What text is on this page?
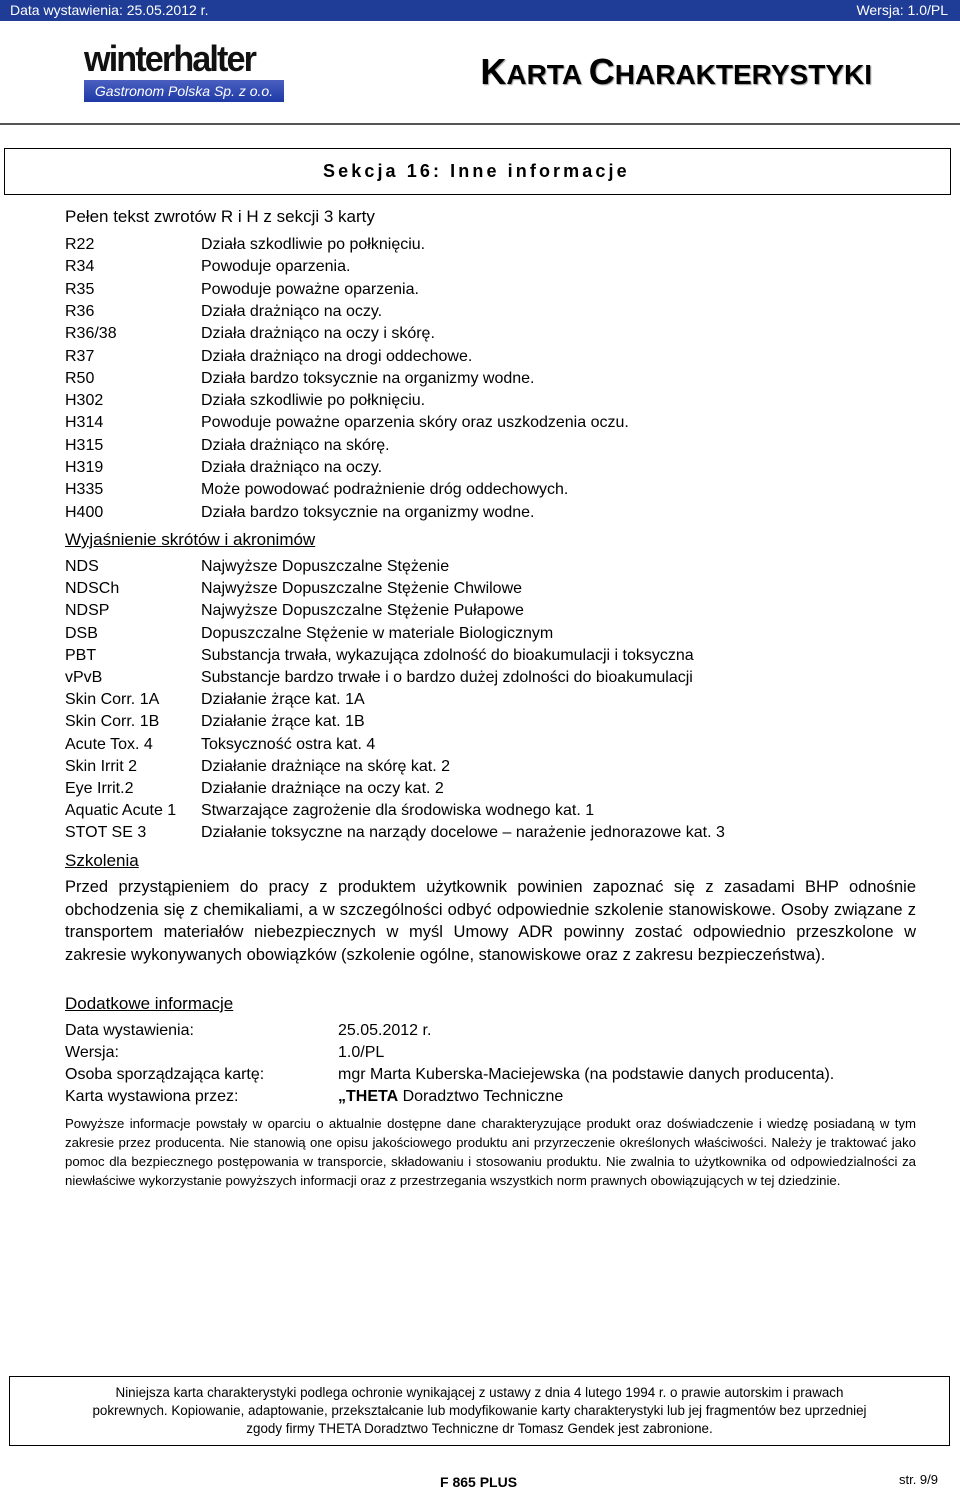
Data wystawienia: 25.05.2012 r.	Wersja: 1.0/PL
winterhalter
Gastronom Polska Sp. z o.o.	KARTA CHARAKTERYSTYKI
Sekcja 16: Inne informacje
Pełen tekst zwrotów R i H z sekcji 3 karty
R22	Działa szkodliwie po połknięciu.
R34	Powoduje oparzenia.
R35	Powoduje poważne oparzenia.
R36	Działa drażniąco na oczy.
R36/38	Działa drażniąco na oczy i skórę.
R37	Działa drażniąco na drogi oddechowe.
R50	Działa bardzo toksycznie na organizmy wodne.
H302	Działa szkodliwie po połknięciu.
H314	Powoduje poważne oparzenia skóry oraz uszkodzenia oczu.
H315	Działa drażniąco na skórę.
H319	Działa drażniąco na oczy.
H335	Może powodować podrażnienie dróg oddechowych.
H400	Działa bardzo toksycznie na organizmy wodne.
Wyjaśnienie skrótów i akronimów
NDS	Najwyższe Dopuszczalne Stężenie
NDSCh	Najwyższe Dopuszczalne Stężenie Chwilowe
NDSP	Najwyższe Dopuszczalne Stężenie Pułapowe
DSB	Dopuszczalne Stężenie w materiale Biologicznym
PBT	Substancja trwała, wykazująca zdolność do bioakumulacji i toksyczna
vPvB	Substancje bardzo trwałe i o bardzo dużej zdolności do bioakumulacji
Skin Corr. 1A	Działanie żrące kat. 1A
Skin Corr. 1B	Działanie żrące kat. 1B
Acute Tox. 4	Toksyczność ostra kat. 4
Skin Irrit 2	Działanie drażniące na skórę kat. 2
Eye Irrit.2	Działanie drażniące na oczy kat. 2
Aquatic Acute 1 Stwarzające zagrożenie dla środowiska wodnego kat. 1
STOT SE 3	Działanie toksyczne na narządy docelowe – narażenie jednorazowe kat. 3
Szkolenia
Przed przystąpieniem do pracy z produktem użytkownik powinien zapoznać się z zasadami BHP odnośnie obchodzenia się z chemikaliami, a w szczególności odbyć odpowiednie szkolenie stanowiskowe. Osoby związane z transportem materiałów niebezpiecznych w myśl Umowy ADR powinny zostać odpowiednio przeszkolone w zakresie wykonywanych obowiązków (szkolenie ogólne, stanowiskowe oraz z zakresu bezpieczeństwa).
Dodatkowe informacje
Data wystawienia:	25.05.2012 r.
Wersja:	1.0/PL
Osoba sporządzająca kartę:	mgr Marta Kuberska-Maciejewska (na podstawie danych producenta).
Karta wystawiona przez:	„THETA Doradztwo Techniczne
Powyższe informacje powstały w oparciu o aktualnie dostępne dane charakteryzujące produkt oraz doświadczenie i wiedzę posiadaną w tym zakresie przez producenta. Nie stanowią one opisu jakościowego produktu ani przyrzeczenie określonych właściwości. Należy je traktować jako pomoc dla bezpiecznego postępowania w transporcie, składowaniu i stosowaniu produktu. Nie zwalnia to użytkownika od odpowiedzialności za niewłaściwe wykorzystanie powyższych informacji oraz z przestrzegania wszystkich norm prawnych obowiązujących w tej dziedzinie.
Niniejsza karta charakterystyki podlega ochronie wynikającej z ustawy z dnia 4 lutego 1994 r. o prawie autorskim i prawach
pokrewnych. Kopiowanie, adaptowanie, przekształcanie lub modyfikowanie karty charakterystyki lub jej fragmentów bez uprzedniej
zgody firmy THETA Doradztwo Techniczne dr Tomasz Gendek jest zabronione.
F 865 PLUS	str. 9/9
